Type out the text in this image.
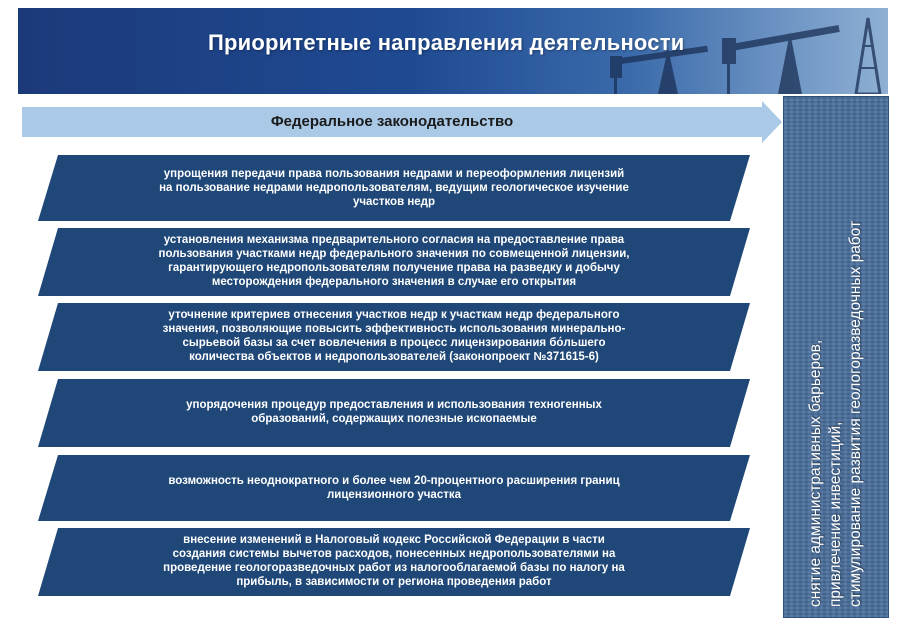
Приоритетные направления деятельности
Федеральное законодательство
упрощения передачи права пользования недрами и переоформления лицензий
на пользование недрами недропользователям, ведущим геологическое изучение
участков недр
установления механизма предварительного согласия на предоставление права
пользования участками недр федерального значения по совмещенной лицензии,
гарантирующего недропользователям получение права на разведку и добычу
месторождения федерального значения в случае его открытия
уточнение критериев отнесения участков недр к участкам недр федерального
значения, позволяющие повысить эффективность использования минерально-
сырьевой базы за счет вовлечения в процесс лицензирования бо́льшего
количества объектов и недропользователей (законопроект №371615-6)
упорядочения процедур предоставления и использования техногенных
образований, содержащих полезные ископаемые
возможность неоднократного и более чем 20-процентного расширения границ
лицензионного участка
внесение изменений в Налоговый кодекс Российской Федерации в части
создания системы вычетов расходов, понесенных недропользователями на
проведение геологоразведочных работ из налогооблагаемой базы по налогу на
прибыль, в зависимости от региона проведения работ	снятие административных барьеров, привлечение инвестиций, стимулирование развития геологоразведочных работ
